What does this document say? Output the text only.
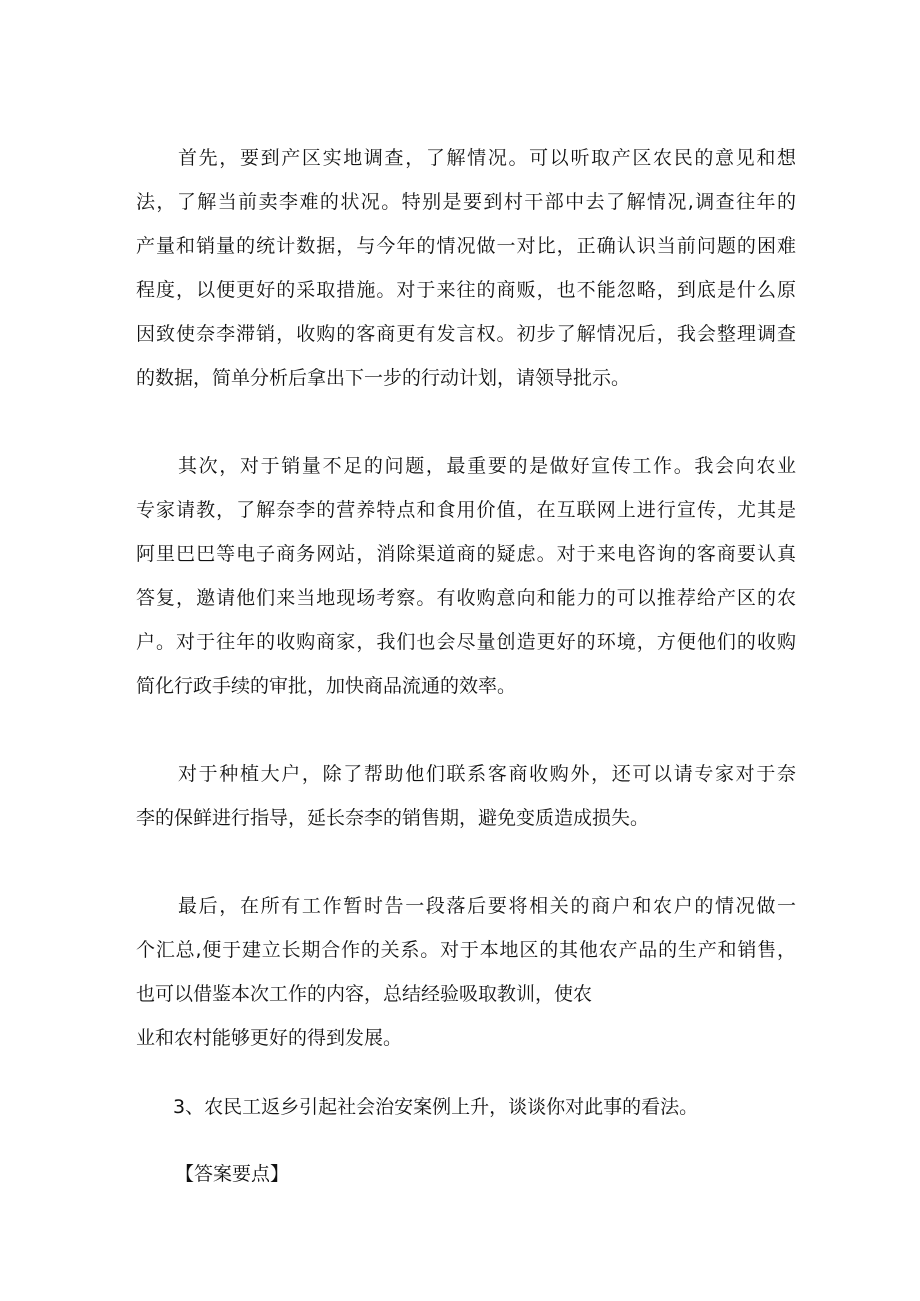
首先，要到产区实地调查，了解情况。可以听取产区农民的意见和想
法，了解当前卖李难的状况。特别是要到村干部中去了解情况,调查往年的
产量和销量的统计数据，与今年的情况做一对比，正确认识当前问题的困难
程度，以便更好的采取措施。对于来往的商贩，也不能忽略，到底是什么原
因致使奈李滞销，收购的客商更有发言权。初步了解情况后，我会整理调查
的数据，简单分析后拿出下一步的行动计划，请领导批示。
其次，对于销量不足的问题，最重要的是做好宣传工作。我会向农业
专家请教，了解奈李的营养特点和食用价值，在互联网上进行宣传，尤其是
阿里巴巴等电子商务网站，消除渠道商的疑虑。对于来电咨询的客商要认真
答复，邀请他们来当地现场考察。有收购意向和能力的可以推荐给产区的农
户。对于往年的收购商家，我们也会尽量创造更好的环境，方便他们的收购
简化行政手续的审批，加快商品流通的效率。
对于种植大户，除了帮助他们联系客商收购外，还可以请专家对于奈
李的保鲜进行指导，延长奈李的销售期，避免变质造成损失。
最后，在所有工作暂时告一段落后要将相关的商户和农户的情况做一
个汇总,便于建立长期合作的关系。对于本地区的其他农产品的生产和销售，
也可以借鉴本次工作的内容，总结经验吸取教训，使农
业和农村能够更好的得到发展。
3、农民工返乡引起社会治安案例上升，谈谈你对此事的看法。
【答案要点】
